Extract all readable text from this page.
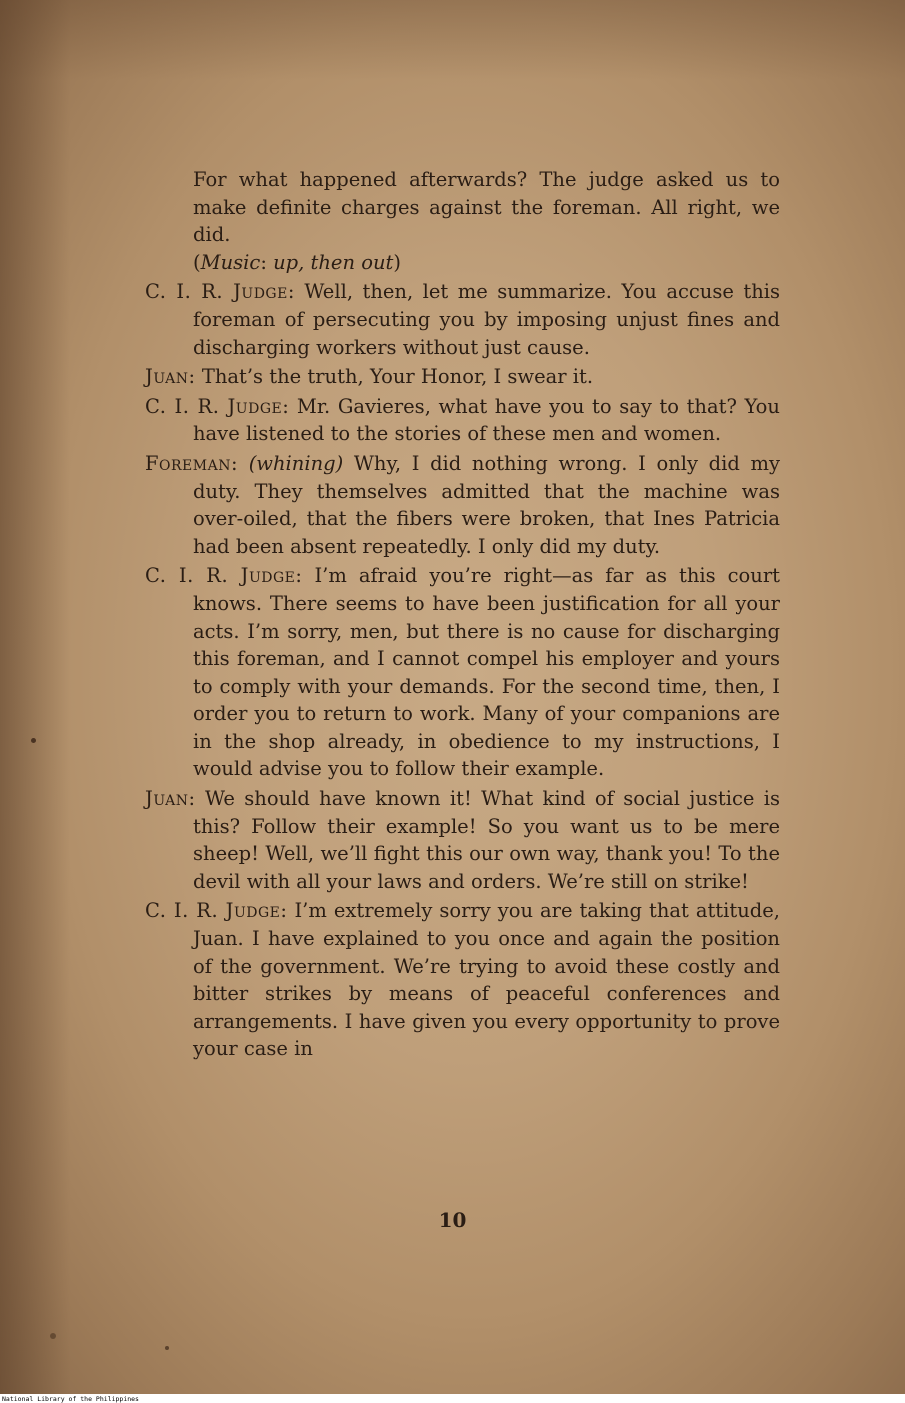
For what happened afterwards? The judge asked us to make definite charges against the foreman. All right, we did.
(Music: up, then out)

C. I. R. Judge: Well, then, let me summarize. You accuse this foreman of persecuting you by imposing unjust fines and discharging workers without just cause.

Juan: That’s the truth, Your Honor, I swear it.

C. I. R. Judge: Mr. Gavieres, what have you to say to that? You have listened to the stories of these men and women.

Foreman: (whining) Why, I did nothing wrong. I only did my duty. They themselves admitted that the machine was over-oiled, that the fibers were broken, that Ines Patricia had been absent repeatedly. I only did my duty.

C. I. R. Judge: I’m afraid you’re right—as far as this court knows. There seems to have been justification for all your acts. I’m sorry, men, but there is no cause for discharging this foreman, and I cannot compel his employer and yours to comply with your demands. For the second time, then, I order you to return to work. Many of your companions are in the shop already, in obedience to my instructions, I would advise you to follow their example.

Juan: We should have known it! What kind of social justice is this? Follow their example! So you want us to be mere sheep! Well, we’ll fight this our own way, thank you! To the devil with all your laws and orders. We’re still on strike!

C. I. R. Judge: I’m extremely sorry you are taking that attitude, Juan. I have explained to you once and again the position of the government. We’re trying to avoid these costly and bitter strikes by means of peaceful conferences and arrangements. I have given you every opportunity to prove your case in

10
National Library of the Philippines
